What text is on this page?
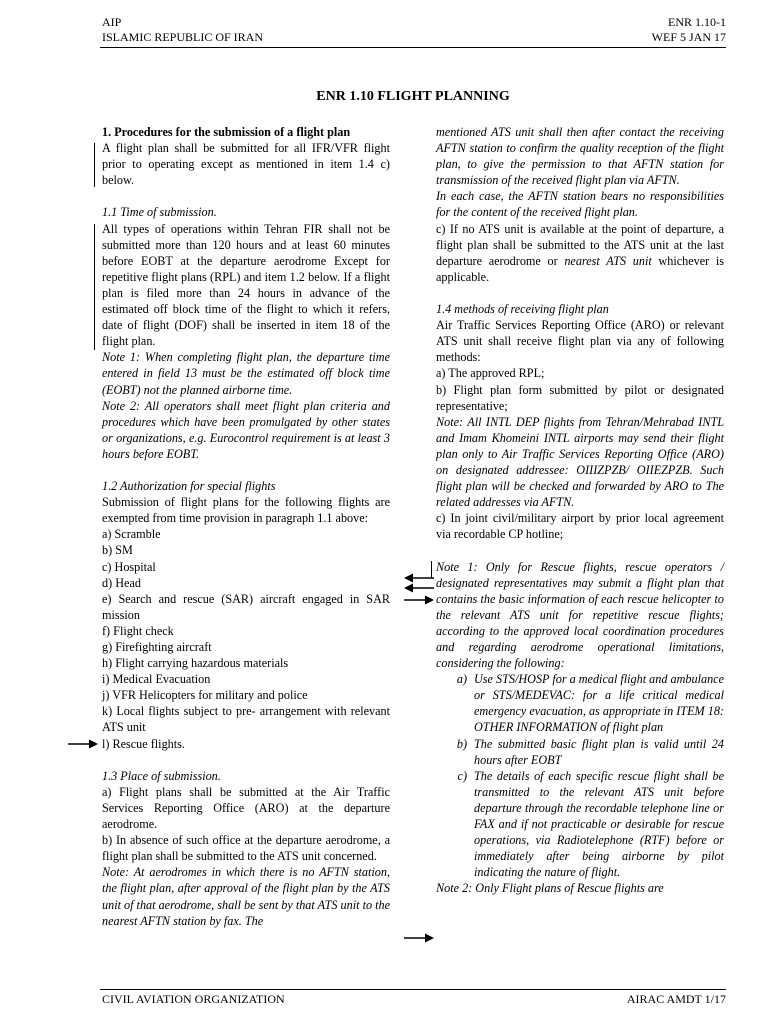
AIP
ISLAMIC REPUBLIC OF IRAN
ENR 1.10-1
WEF 5 JAN 17
ENR 1.10 FLIGHT PLANNING

1. Procedures for the submission of a flight plan

A flight plan shall be submitted for all IFR/VFR flight prior to operating except as mentioned in item 1.4 c) below.

1.1 Time of submission.

All types of operations within Tehran FIR shall not be submitted more than 120 hours and at least 60 minutes before EOBT at the departure aerodrome Except for repetitive flight plans (RPL) and item 1.2 below. If a flight plan is filed more than 24 hours in advance of the estimated off block time of the flight to which it refers, date of flight (DOF) shall be inserted in item 18 of the flight plan.

Note 1: When completing flight plan, the departure time entered in field 13 must be the estimated off block time (EOBT) not the planned airborne time.

Note 2: All operators shall meet flight plan criteria and procedures which have been promulgated by other states or organizations, e.g. Eurocontrol requirement is at least 3 hours before EOBT.

1.2 Authorization for special flights

Submission of flight plans for the following flights are exempted from time provision in paragraph 1.1 above:

a) Scramble

b) SM

c) Hospital

d) Head

e) Search and rescue (SAR) aircraft engaged in SAR mission

f) Flight check

g) Firefighting aircraft

h) Flight carrying hazardous materials

i) Medical Evacuation

j) VFR Helicopters for military and police

k) Local flights subject to pre- arrangement with relevant ATS unit

l) Rescue flights.

1.3 Place of submission.

a) Flight plans shall be submitted at the Air Traffic Services Reporting Office (ARO) at the departure aerodrome.

b) In absence of such office at the departure aerodrome, a flight plan shall be submitted to the ATS unit concerned.

Note: At aerodromes in which there is no AFTN station, the flight plan, after approval of the flight plan by the ATS unit of that aerodrome, shall be sent by that ATS unit to the nearest AFTN station by fax. The

mentioned ATS unit shall then after contact the receiving AFTN station to confirm the quality reception of the flight plan, to give the permission to that AFTN station for transmission of the received flight plan via AFTN.

In each case, the AFTN station bears no responsibilities for the content of the received flight plan.

c) If no ATS unit is available at the point of departure, a flight plan shall be submitted to the ATS unit at the last departure aerodrome or nearest ATS unit whichever is applicable.

1.4 methods of receiving flight plan

Air Traffic Services Reporting Office (ARO) or relevant ATS unit shall receive flight plan via any of following methods:

a) The approved RPL;

b) Flight plan form submitted by pilot or designated representative;

Note: All INTL DEP flights from Tehran/Mehrabad INTL and Imam Khomeini INTL airports may send their flight plan only to Air Traffic Services Reporting Office (ARO) on designated addressee: OIIIZPZB/ OIIEZPZB. Such flight plan will be checked and forwarded by ARO to The related addresses via AFTN.

c) In joint civil/military airport by prior local agreement via recordable CP hotline;

Note 1: Only for Rescue flights, rescue operators / designated representatives may submit a flight plan that contains the basic information of each rescue helicopter to the relevant ATS unit for repetitive rescue flights; according to the approved local coordination procedures and regarding aerodrome operational limitations, considering the following:

a) Use STS/HOSP for a medical flight and ambulance or STS/MEDEVAC: for a life critical medical emergency evacuation, as appropriate in ITEM 18: OTHER INFORMATION of flight plan
b) The submitted basic flight plan is valid until 24 hours after EOBT
c) The details of each specific rescue flight shall be transmitted to the relevant ATS unit before departure through the recordable telephone line or FAX and if not practicable or desirable for rescue operations, via Radiotelephone (RTF) before or immediately after being airborne by pilot indicating the nature of flight.

Note 2: Only Flight plans of Rescue flights are

CIVIL AVIATION ORGANIZATION	AIRAC AMDT 1/17
